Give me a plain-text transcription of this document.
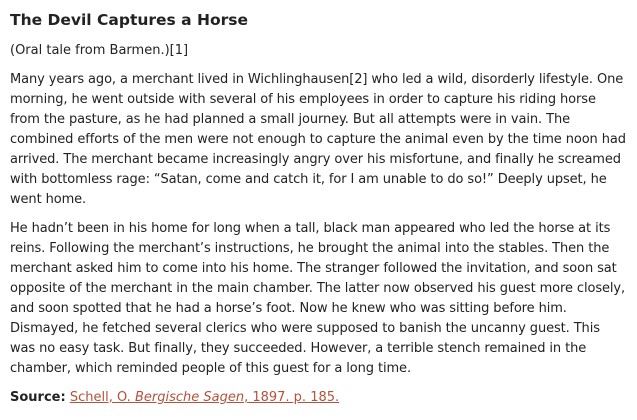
The Devil Captures a Horse
(Oral tale from Barmen.)[1]

Many years ago, a merchant lived in Wichlinghausen[2] who led a wild, disorderly lifestyle. One morning, he went outside with several of his employees in order to capture his riding horse from the pasture, as he had planned a small journey. But all attempts were in vain. The combined efforts of the men were not enough to capture the animal even by the time noon had arrived. The merchant became increasingly angry over his misfortune, and finally he screamed with bottomless rage: “Satan, come and catch it, for I am unable to do so!” Deeply upset, he went home.

He hadn’t been in his home for long when a tall, black man appeared who led the horse at its reins. Following the merchant’s instructions, he brought the animal into the stables. Then the merchant asked him to come into his home. The stranger followed the invitation, and soon sat opposite of the merchant in the main chamber. The latter now observed his guest more closely, and soon spotted that he had a horse’s foot. Now he knew who was sitting before him. Dismayed, he fetched several clerics who were supposed to banish the uncanny guest. This was no easy task. But finally, they succeeded. However, a terrible stench remained in the chamber, which reminded people of this guest for a long time.

Source: Schell, O. Bergische Sagen, 1897. p. 185.
